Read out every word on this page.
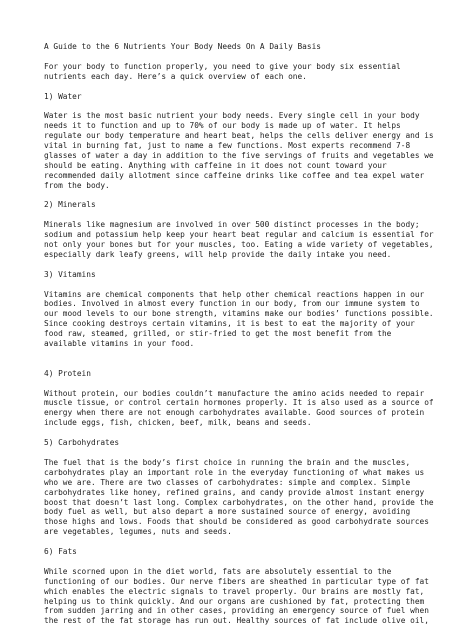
A Guide to the 6 Nutrients Your Body Needs On A Daily Basis

For your body to function properly, you need to give your body six essential
nutrients each day. Here’s a quick overview of each one.

1) Water

Water is the most basic nutrient your body needs. Every single cell in your body
needs it to function and up to 70% of our body is made up of water. It helps
regulate our body temperature and heart beat, helps the cells deliver energy and is
vital in burning fat, just to name a few functions. Most experts recommend 7-8
glasses of water a day in addition to the five servings of fruits and vegetables we
should be eating. Anything with caffeine in it does not count toward your
recommended daily allotment since caffeine drinks like coffee and tea expel water
from the body.

2) Minerals

Minerals like magnesium are involved in over 500 distinct processes in the body;
sodium and potassium help keep your heart beat regular and calcium is essential for
not only your bones but for your muscles, too. Eating a wide variety of vegetables,
especially dark leafy greens, will help provide the daily intake you need.

3) Vitamins

Vitamins are chemical components that help other chemical reactions happen in our
bodies. Involved in almost every function in our body, from our immune system to
our mood levels to our bone strength, vitamins make our bodies’ functions possible.
Since cooking destroys certain vitamins, it is best to eat the majority of your
food raw, steamed, grilled, or stir-fried to get the most benefit from the
available vitamins in your food.

4) Protein

Without protein, our bodies couldn’t manufacture the amino acids needed to repair
muscle tissue, or control certain hormones properly. It is also used as a source of
energy when there are not enough carbohydrates available. Good sources of protein
include eggs, fish, chicken, beef, milk, beans and seeds.

5) Carbohydrates

The fuel that is the body’s first choice in running the brain and the muscles,
carbohydrates play an important role in the everyday functioning of what makes us
who we are. There are two classes of carbohydrates: simple and complex. Simple
carbohydrates like honey, refined grains, and candy provide almost instant energy
boost that doesn’t last long. Complex carbohydrates, on the other hand, provide the
body fuel as well, but also depart a more sustained source of energy, avoiding
those highs and lows. Foods that should be considered as good carbohydrate sources
are vegetables, legumes, nuts and seeds.

6) Fats

While scorned upon in the diet world, fats are absolutely essential to the
functioning of our bodies. Our nerve fibers are sheathed in particular type of fat
which enables the electric signals to travel properly. Our brains are mostly fat,
helping us to think quickly. And our organs are cushioned by fat, protecting them
from sudden jarring and in other cases, providing an emergency source of fuel when
the rest of the fat storage has run out. Healthy sources of fat include olive oil,
